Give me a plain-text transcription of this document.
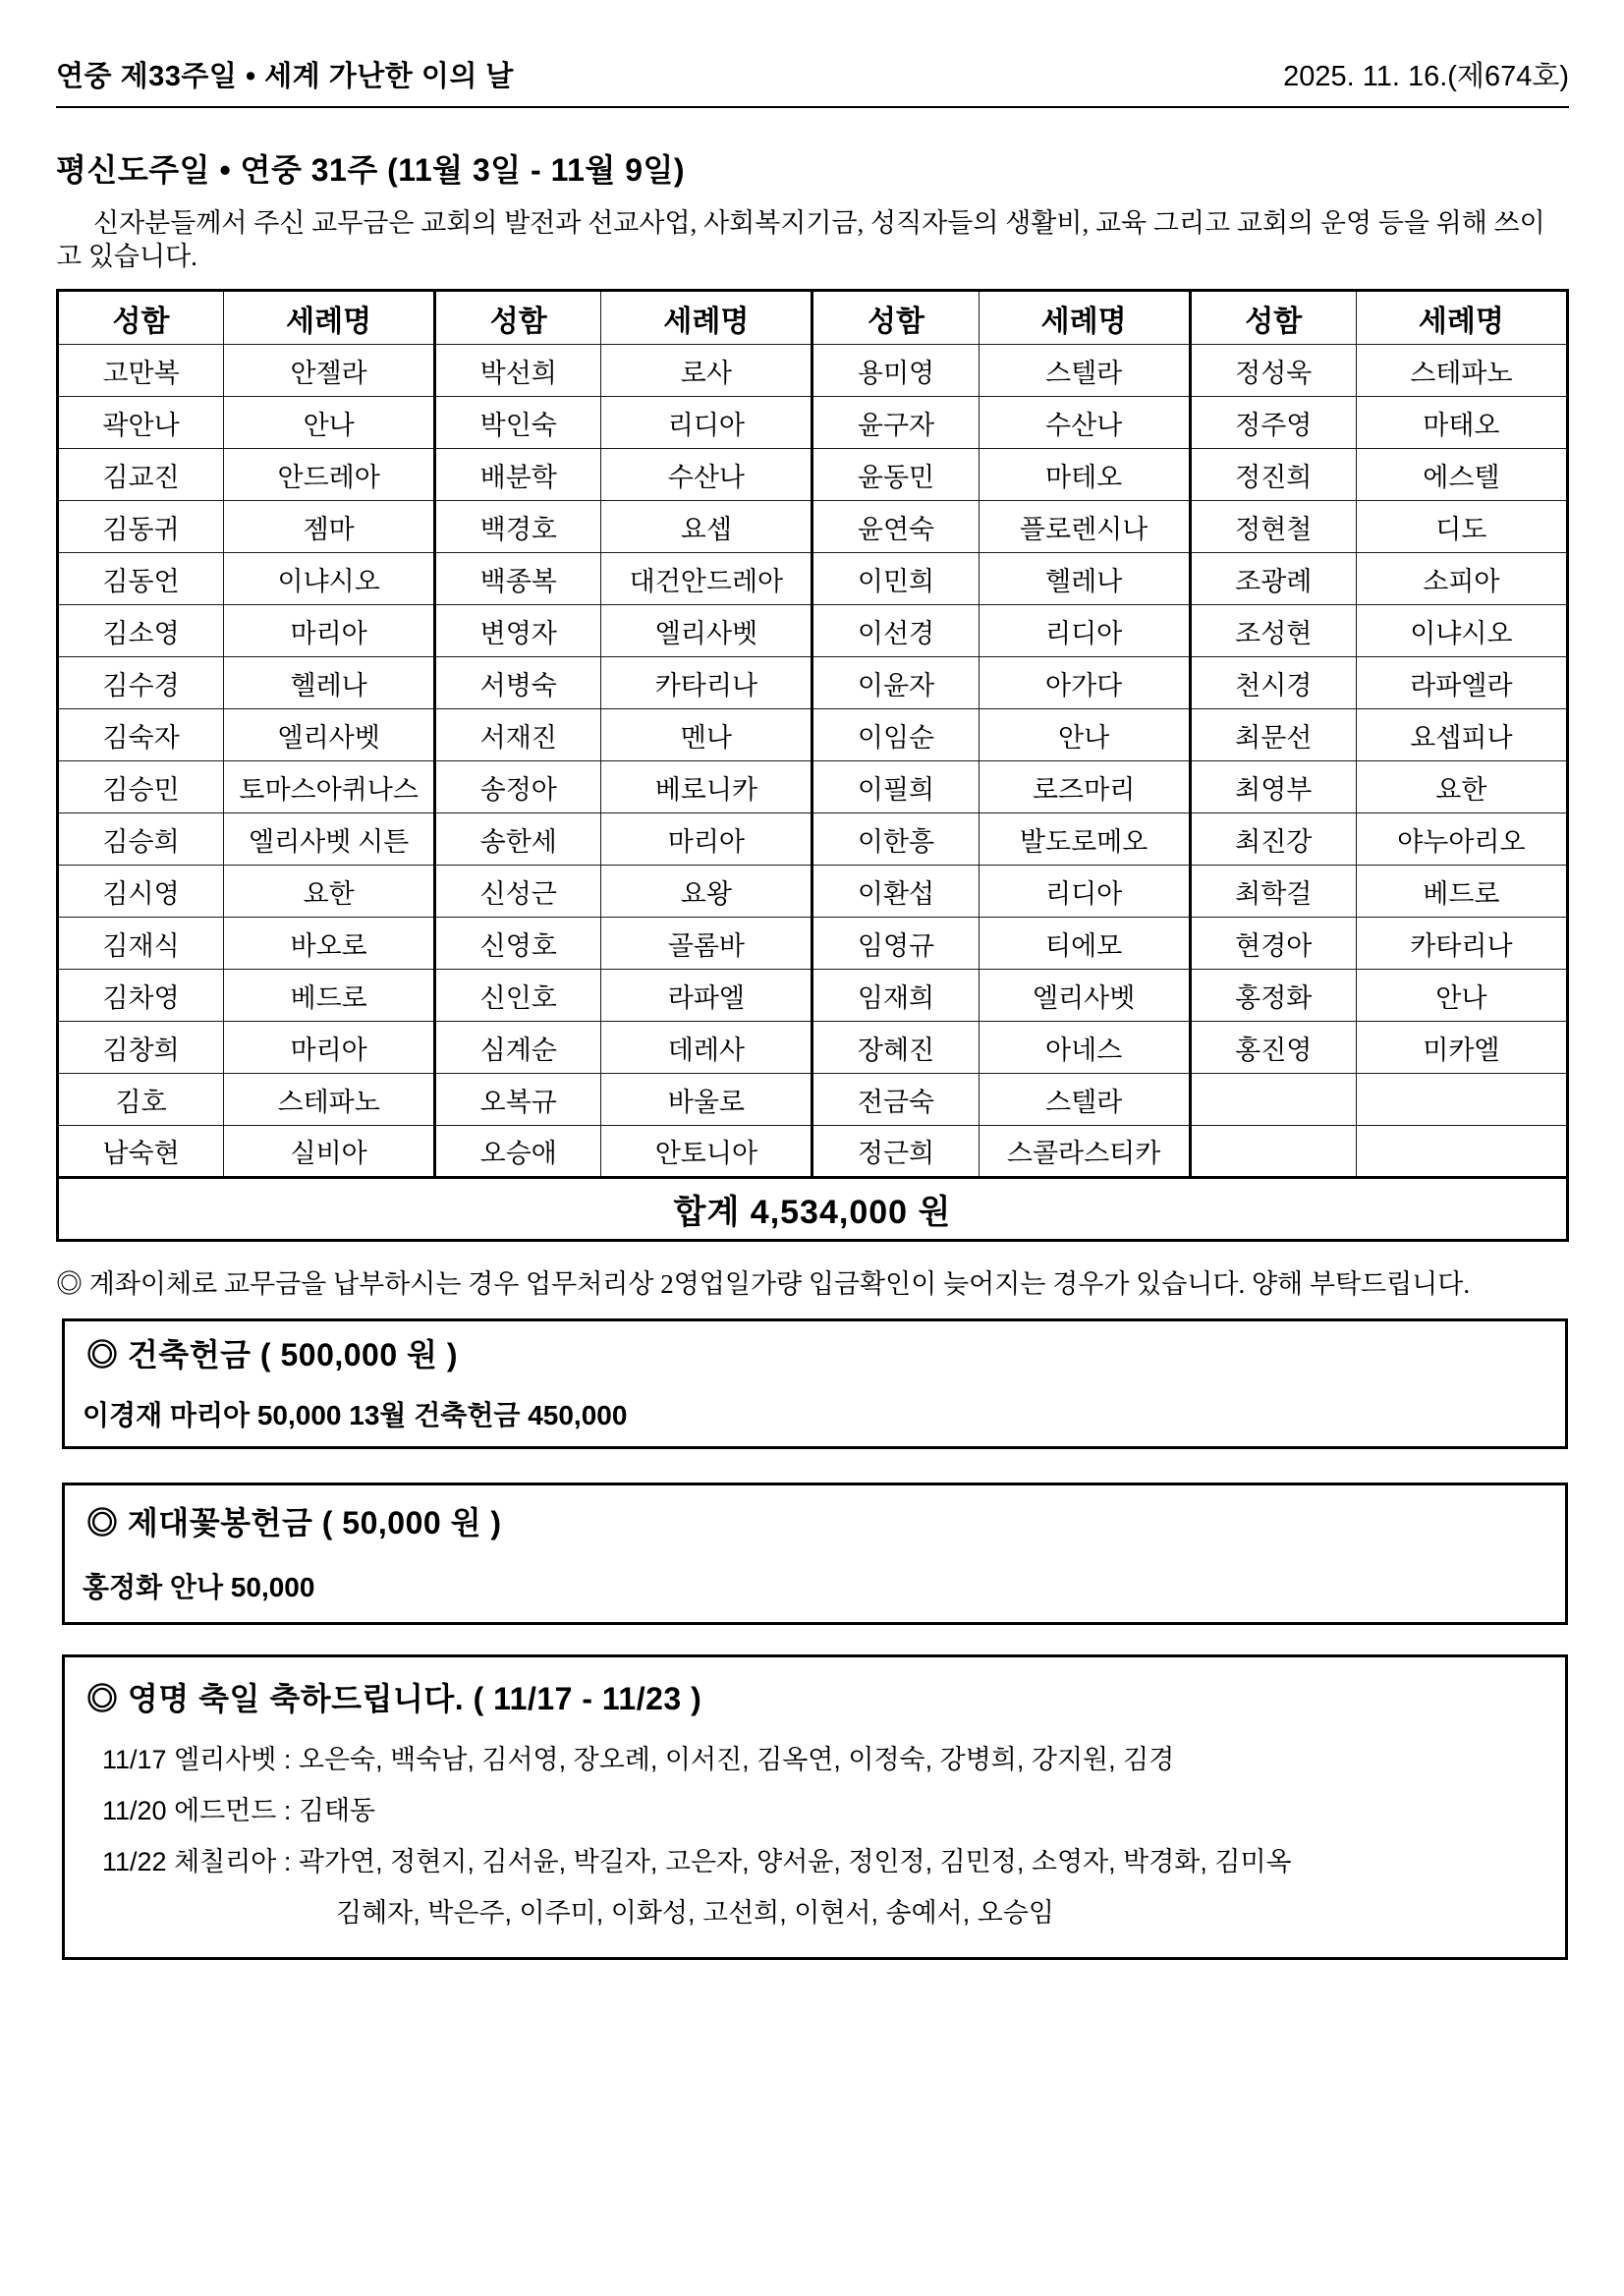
연중 제33주일 • 세계 가난한 이의 날	2025. 11. 16.(제674호)
평신도주일 • 연중 31주 (11월 3일 - 11월 9일)
신자분들께서 주신 교무금은 교회의 발전과 선교사업, 사회복지기금, 성직자들의 생활비, 교육 그리고 교회의 운영 등을 위해 쓰이고 있습니다.
성함	세례명	성함	세례명	성함	세례명	성함	세례명
고만복	안젤라	박선희	로사	용미영	스텔라	정성욱	스테파노
곽안나	안나	박인숙	리디아	윤구자	수산나	정주영	마태오
김교진	안드레아	배분학	수산나	윤동민	마테오	정진희	에스텔
김동귀	젬마	백경호	요셉	윤연숙	플로렌시나	정현철	디도
김동언	이냐시오	백종복	대건안드레아	이민희	헬레나	조광례	소피아
김소영	마리아	변영자	엘리사벳	이선경	리디아	조성현	이냐시오
김수경	헬레나	서병숙	카타리나	이윤자	아가다	천시경	라파엘라
김숙자	엘리사벳	서재진	멘나	이임순	안나	최문선	요셉피나
김승민	토마스아퀴나스	송정아	베로니카	이필희	로즈마리	최영부	요한
김승희	엘리사벳 시튼	송한세	마리아	이한흥	발도로메오	최진강	야누아리오
김시영	요한	신성근	요왕	이환섭	리디아	최학걸	베드로
김재식	바오로	신영호	골롬바	임영규	티에모	현경아	카타리나
김차영	베드로	신인호	라파엘	임재희	엘리사벳	홍정화	안나
김창희	마리아	심계순	데레사	장혜진	아네스	홍진영	미카엘
김호	스테파노	오복규	바울로	전금숙	스텔라		
남숙현	실비아	오승애	안토니아	정근희	스콜라스티카		
합계 4,534,000 원							
◎ 계좌이체로 교무금을 납부하시는 경우 업무처리상 2영업일가량 입금확인이 늦어지는 경우가 있습니다. 양해 부탁드립니다.
◎ 건축헌금 ( 500,000 원 )
이경재 마리아 50,000 13월 건축헌금 450,000
◎ 제대꽃봉헌금 ( 50,000 원 )
홍정화 안나 50,000
◎ 영명 축일 축하드립니다. ( 11/17 - 11/23 )
11/17 엘리사벳 : 오은숙, 백숙남, 김서영, 장오례, 이서진, 김옥연, 이정숙, 강병희, 강지원, 김경
11/20 에드먼드 : 김태동
11/22 체칠리아 : 곽가연, 정현지, 김서윤, 박길자, 고은자, 양서윤, 정인정, 김민정, 소영자, 박경화, 김미옥
김혜자, 박은주, 이주미, 이화성, 고선희, 이현서, 송예서, 오승임
